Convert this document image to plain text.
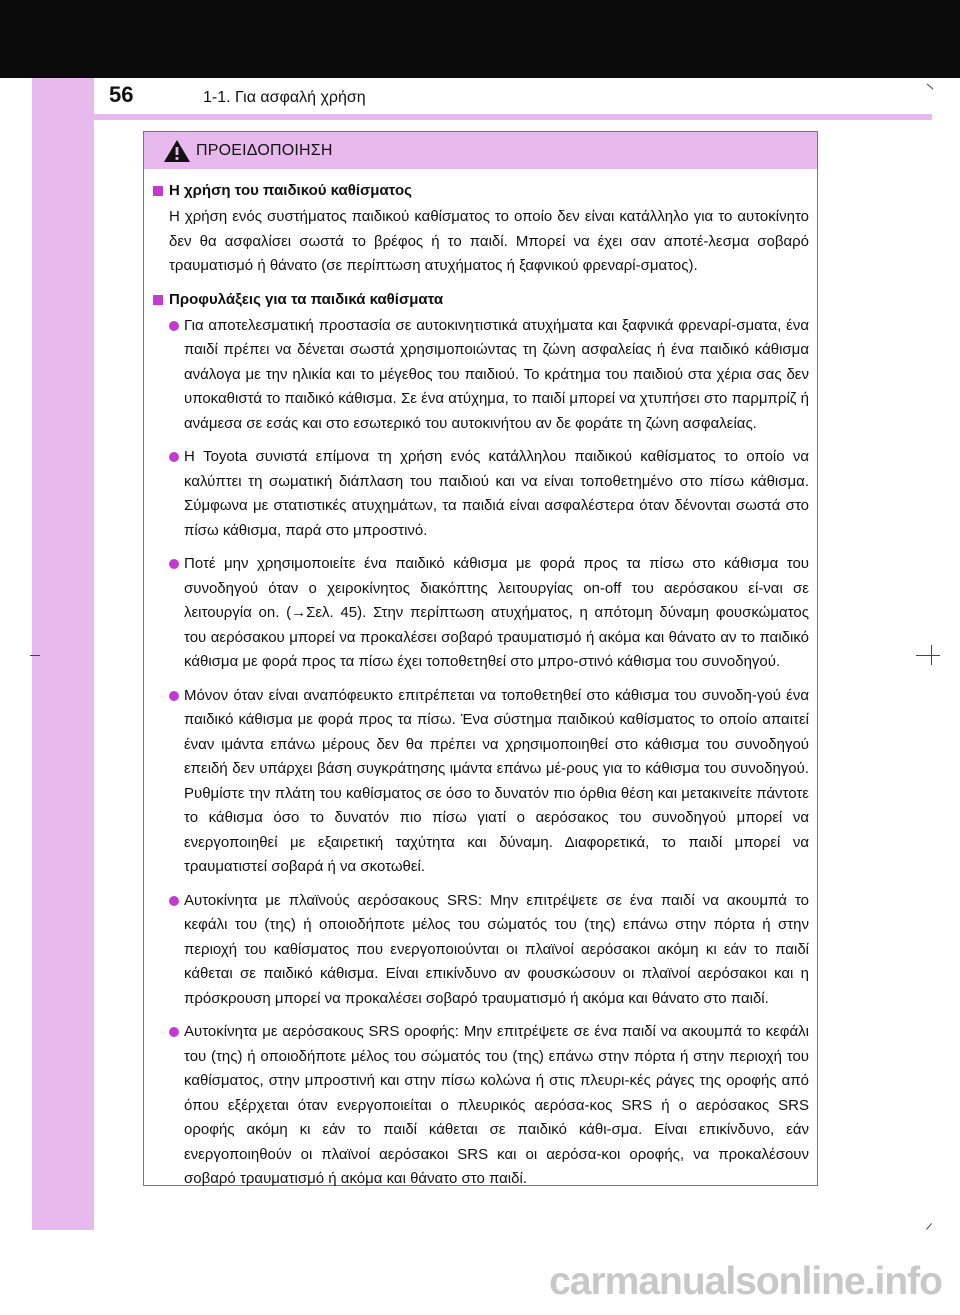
56	1-1. Για ασφαλή χρήση
ΠΡΟΕΙΔΟΠΟΙΗΣΗ
Η χρήση του παιδικού καθίσματος
Η χρήση ενός συστήματος παιδικού καθίσματος το οποίο δεν είναι κατάλληλο για το αυτοκίνητο δεν θα ασφαλίσει σωστά το βρέφος ή το παιδί. Μπορεί να έχει σαν αποτέ-λεσμα σοβαρό τραυματισμό ή θάνατο (σε περίπτωση ατυχήματος ή ξαφνικού φρεναρί-σματος).
Προφυλάξεις για τα παιδικά καθίσματα
Για αποτελεσματική προστασία σε αυτοκινητιστικά ατυχήματα και ξαφνικά φρεναρί-σματα, ένα παιδί πρέπει να δένεται σωστά χρησιμοποιώντας τη ζώνη ασφαλείας ή ένα παιδικό κάθισμα ανάλογα με την ηλικία και το μέγεθος του παιδιού. Το κράτημα του παιδιού στα χέρια σας δεν υποκαθιστά το παιδικό κάθισμα. Σε ένα ατύχημα, το παιδί μπορεί να χτυπήσει στο παρμπρίζ ή ανάμεσα σε εσάς και στο εσωτερικό του αυτοκινήτου αν δε φοράτε τη ζώνη ασφαλείας.
Η Toyota συνιστά επίμονα τη χρήση ενός κατάλληλου παιδικού καθίσματος το οποίο να καλύπτει τη σωματική διάπλαση του παιδιού και να είναι τοποθετημένο στο πίσω κάθισμα. Σύμφωνα με στατιστικές ατυχημάτων, τα παιδιά είναι ασφαλέστερα όταν δένονται σωστά στο πίσω κάθισμα, παρά στο μπροστινό.
Ποτέ μην χρησιμοποιείτε ένα παιδικό κάθισμα με φορά προς τα πίσω στο κάθισμα του συνοδηγού όταν ο χειροκίνητος διακόπτης λειτουργίας on-off του αερόσακου εί-ναι σε λειτουργία on. (→Σελ. 45). Στην περίπτωση ατυχήματος, η απότομη δύναμη φουσκώματος του αερόσακου μπορεί να προκαλέσει σοβαρό τραυματισμό ή ακόμα και θάνατο αν το παιδικό κάθισμα με φορά προς τα πίσω έχει τοποθετηθεί στο μπρο-στινό κάθισμα του συνοδηγού.
Μόνον όταν είναι αναπόφευκτο επιτρέπεται να τοποθετηθεί στο κάθισμα του συνοδη-γού ένα παιδικό κάθισμα με φορά προς τα πίσω. Ένα σύστημα παιδικού καθίσματος το οποίο απαιτεί έναν ιμάντα επάνω μέρους δεν θα πρέπει να χρησιμοποιηθεί στο κάθισμα του συνοδηγού επειδή δεν υπάρχει βάση συγκράτησης ιμάντα επάνω μέ-ρους για το κάθισμα του συνοδηγού. Ρυθμίστε την πλάτη του καθίσματος σε όσο το δυνατόν πιο όρθια θέση και μετακινείτε πάντοτε το κάθισμα όσο το δυνατόν πιο πίσω γιατί ο αερόσακος του συνοδηγού μπορεί να ενεργοποιηθεί με εξαιρετική ταχύτητα και δύναμη. Διαφορετικά, το παιδί μπορεί να τραυματιστεί σοβαρά ή να σκοτωθεί.
Αυτοκίνητα με πλαϊνούς αερόσακους SRS: Μην επιτρέψετε σε ένα παιδί να ακουμπά το κεφάλι του (της) ή οποιοδήποτε μέλος του σώματός του (της) επάνω στην πόρτα ή στην περιοχή του καθίσματος που ενεργοποιούνται οι πλαϊνοί αερόσακοι ακόμη κι εάν το παιδί κάθεται σε παιδικό κάθισμα. Είναι επικίνδυνο αν φουσκώσουν οι πλαϊνοί αερόσακοι και η πρόσκρουση μπορεί να προκαλέσει σοβαρό τραυματισμό ή ακόμα και θάνατο στο παιδί.
Αυτοκίνητα με αερόσακους SRS οροφής: Μην επιτρέψετε σε ένα παιδί να ακουμπά το κεφάλι του (της) ή οποιοδήποτε μέλος του σώματός του (της) επάνω στην πόρτα ή στην περιοχή του καθίσματος, στην μπροστινή και στην πίσω κολώνα ή στις πλευρι-κές ράγες της οροφής από όπου εξέρχεται όταν ενεργοποιείται ο πλευρικός αερόσα-κος SRS ή ο αερόσακος SRS οροφής ακόμη κι εάν το παιδί κάθεται σε παιδικό κάθι-σμα. Είναι επικίνδυνο, εάν ενεργοποιηθούν οι πλαϊνοί αερόσακοι SRS και οι αερόσα-κοι οροφής, να προκαλέσουν σοβαρό τραυματισμό ή ακόμα και θάνατο στο παιδί.
carmanualsonline.info
